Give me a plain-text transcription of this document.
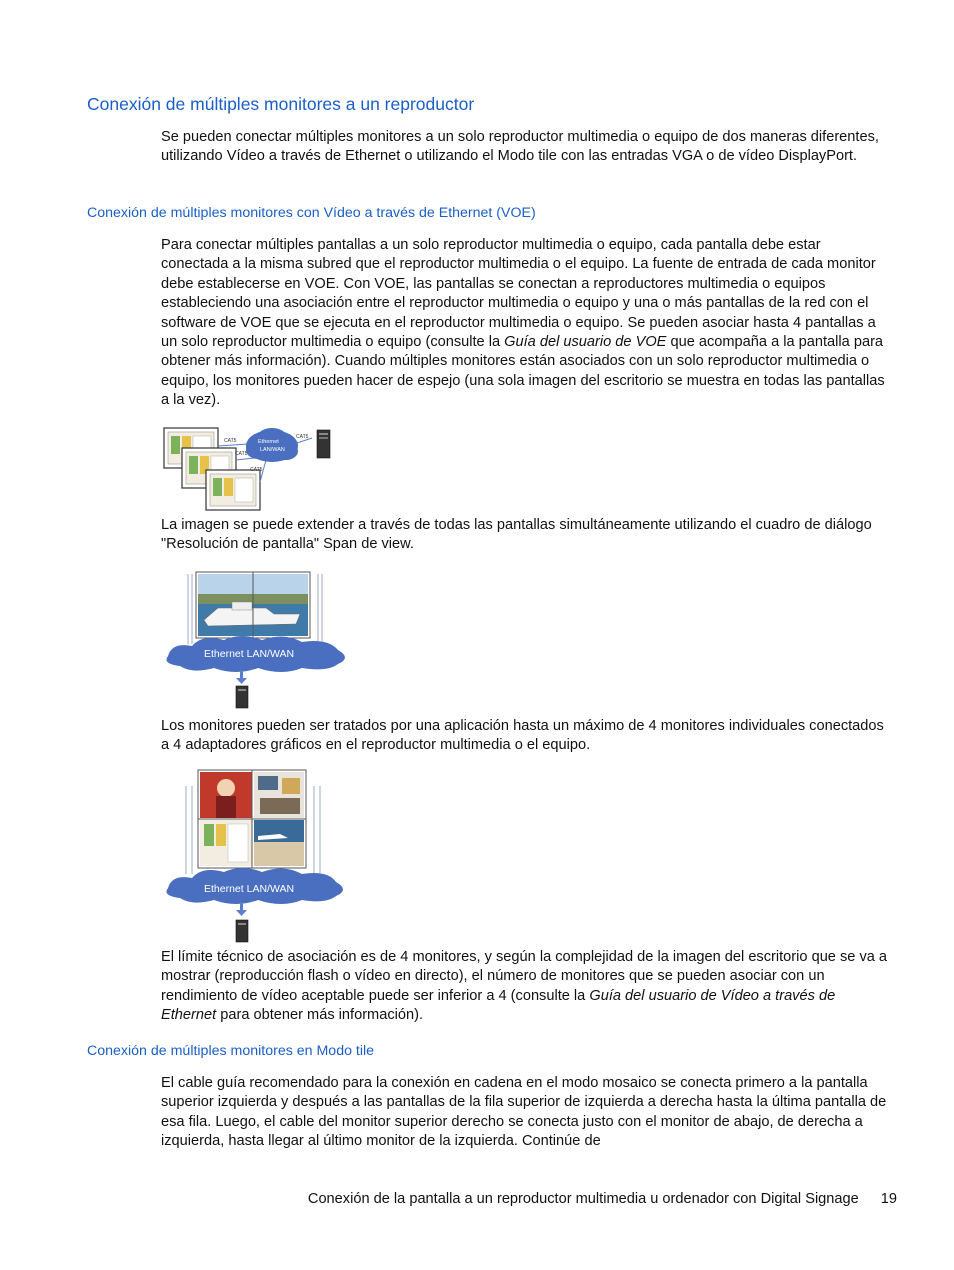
Conexión de múltiples monitores a un reproductor

Se pueden conectar múltiples monitores a un solo reproductor multimedia o equipo de dos maneras diferentes, utilizando Vídeo a través de Ethernet o utilizando el Modo tile con las entradas VGA o de vídeo DisplayPort.

Conexión de múltiples monitores con Vídeo a través de Ethernet (VOE)

Para conectar múltiples pantallas a un solo reproductor multimedia o equipo, cada pantalla debe estar conectada a la misma subred que el reproductor multimedia o el equipo. La fuente de entrada de cada monitor debe establecerse en VOE. Con VOE, las pantallas se conectan a reproductores multimedia o equipos estableciendo una asociación entre el reproductor multimedia o equipo y una o más pantallas de la red con el software de VOE que se ejecuta en el reproductor multimedia o equipo. Se pueden asociar hasta 4 pantallas a un solo reproductor multimedia o equipo (consulte la Guía del usuario de VOE que acompaña a la pantalla para obtener más información). Cuando múltiples monitores están asociados con un solo reproductor multimedia o equipo, los monitores pueden hacer de espejo (una sola imagen del escritorio se muestra en todas las pantallas a la vez).

CAT5
CAT5
CAT5
CAT5
Ethernet
LAN/WAN

La imagen se puede extender a través de todas las pantallas simultáneamente utilizando el cuadro de diálogo "Resolución de pantalla" Span de view.

Ethernet LAN/WAN

Los monitores pueden ser tratados por una aplicación hasta un máximo de 4 monitores individuales conectados a 4 adaptadores gráficos en el reproductor multimedia o el equipo.

Ethernet LAN/WAN

El límite técnico de asociación es de 4 monitores, y según la complejidad de la imagen del escritorio que se va a mostrar (reproducción flash o vídeo en directo), el número de monitores que se pueden asociar con un rendimiento de vídeo aceptable puede ser inferior a 4 (consulte la Guía del usuario de Vídeo a través de Ethernet para obtener más información).

Conexión de múltiples monitores en Modo tile

El cable guía recomendado para la conexión en cadena en el modo mosaico se conecta primero a la pantalla superior izquierda y después a las pantallas de la fila superior de izquierda a derecha hasta la última pantalla de esa fila. Luego, el cable del monitor superior derecho se conecta justo con el monitor de abajo, de derecha a izquierda, hasta llegar al último monitor de la izquierda. Continúe de

Conexión de la pantalla a un reproductor multimedia u ordenador con Digital Signage 19
